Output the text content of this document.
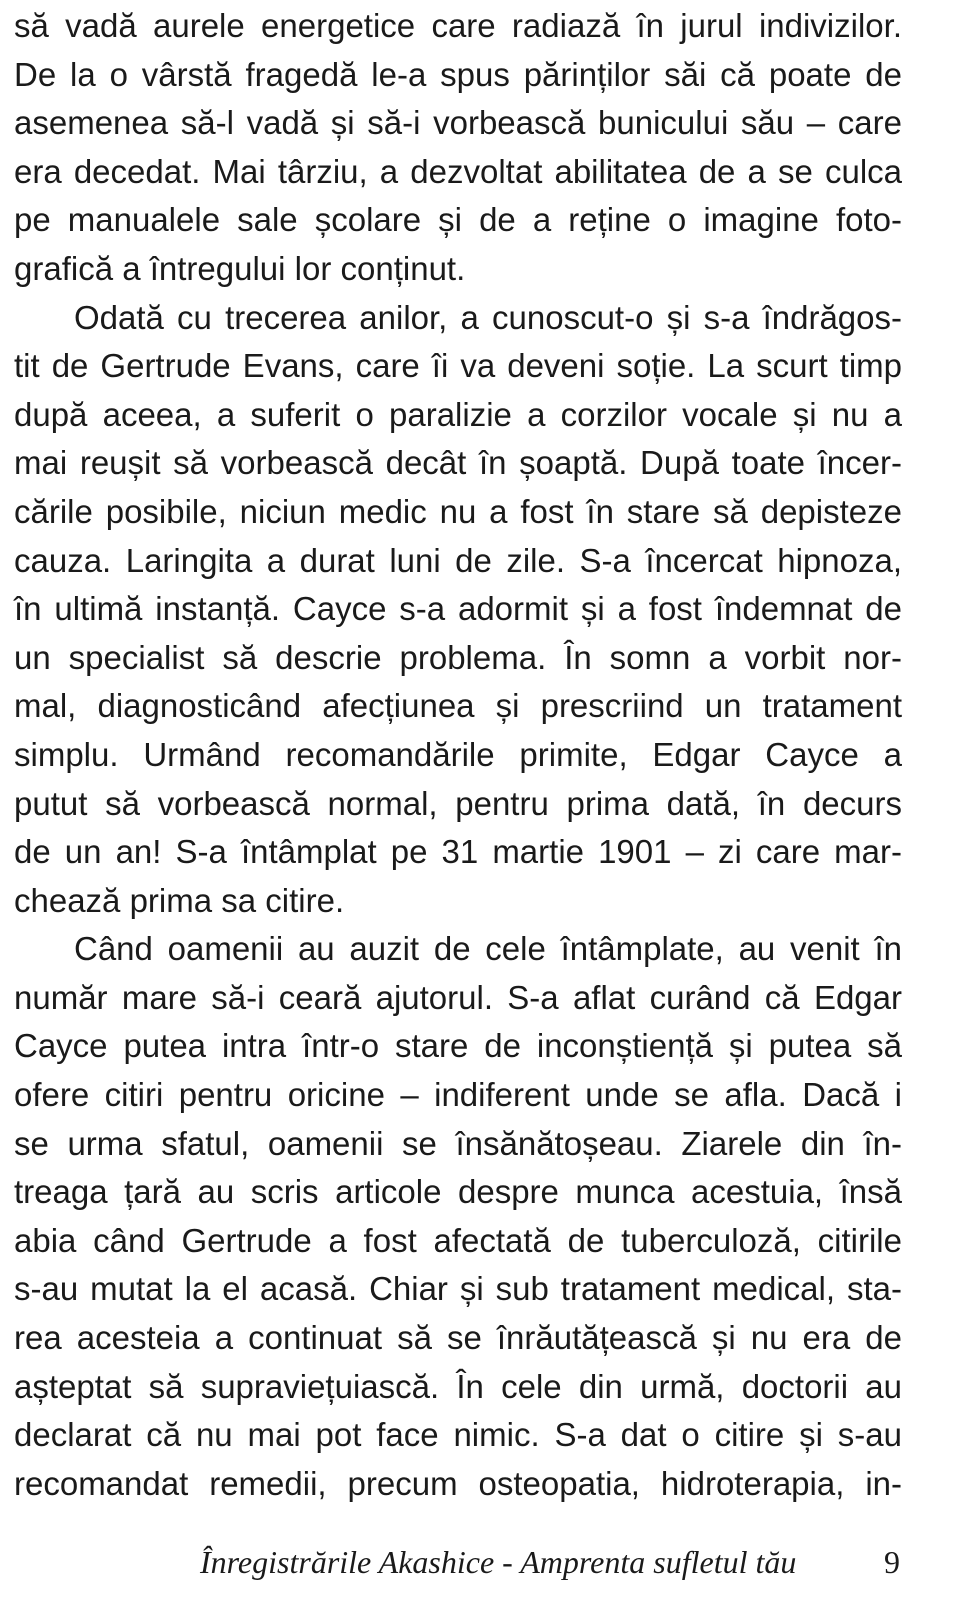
să vadă aurele energetice care radiază în jurul indivizilor.
De la o vârstă fragedă le-a spus părinților săi că poate de
asemenea să-l vadă și să-i vorbească bunicului său – care
era decedat. Mai târziu, a dezvoltat abilitatea de a se culca
pe manualele sale școlare și de a reține o imagine foto-
grafică a întregului lor conținut.
Odată cu trecerea anilor, a cunoscut-o și s-a îndrăgos-
tit de Gertrude Evans, care îi va deveni soție. La scurt timp
după aceea, a suferit o paralizie a corzilor vocale și nu a
mai reușit să vorbească decât în șoaptă. După toate încer-
cările posibile, niciun medic nu a fost în stare să depisteze
cauza. Laringita a durat luni de zile. S-a încercat hipnoza,
în ultimă instanță. Cayce s-a adormit și a fost îndemnat de
un specialist să descrie problema. În somn a vorbit nor-
mal, diagnosticând afecțiunea și prescriind un tratament
simplu. Urmând recomandările primite, Edgar Cayce a
putut să vorbească normal, pentru prima dată, în decurs
de un an! S-a întâmplat pe 31 martie 1901 – zi care mar-
chează prima sa citire.
Când oamenii au auzit de cele întâmplate, au venit în
număr mare să-i ceară ajutorul. S-a aflat curând că Edgar
Cayce putea intra într-o stare de inconștiență și putea să
ofere citiri pentru oricine – indiferent unde se afla. Dacă i
se urma sfatul, oamenii se însănătoșeau. Ziarele din în-
treaga țară au scris articole despre munca acestuia, însă
abia când Gertrude a fost afectată de tuberculoză, citirile
s-au mutat la el acasă. Chiar și sub tratament medical, sta-
rea acesteia a continuat să se înrăutățească și nu era de
așteptat să supraviețuiască. În cele din urmă, doctorii au
declarat că nu mai pot face nimic. S-a dat o citire și s-au
recomandat remedii, precum osteopatia, hidroterapia, in-
Înregistrările Akashice - Amprenta sufletul tău	9
